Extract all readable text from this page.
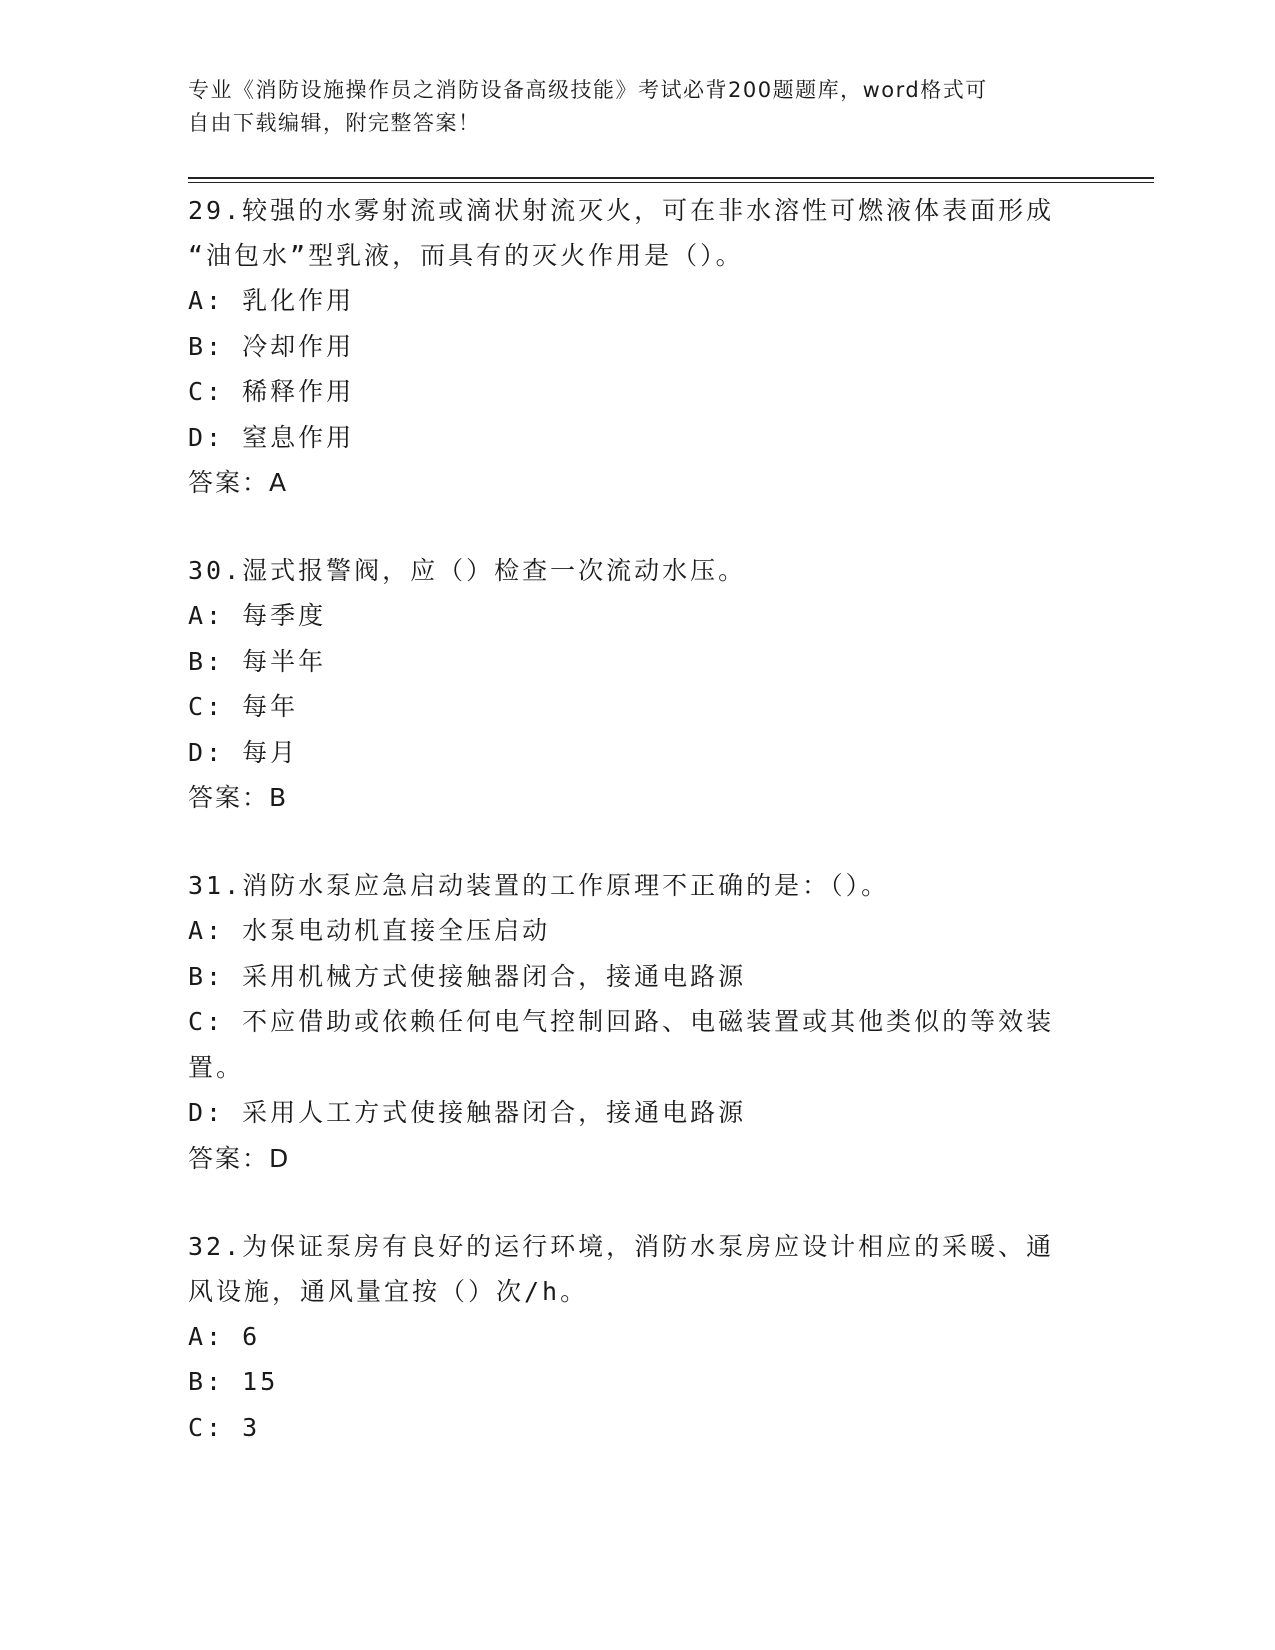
专业《消防设施操作员之消防设备高级技能》考试必背200题题库，word格式可
自由下载编辑，附完整答案！
29.较强的水雾射流或滴状射流灭火，可在非水溶性可燃液体表面形成
“油包水”型乳液，而具有的灭火作用是（）。
A: 乳化作用
B: 冷却作用
C: 稀释作用
D: 窒息作用
答案：A
30.湿式报警阀，应（）检查一次流动水压。
A: 每季度
B: 每半年
C: 每年
D: 每月
答案：B
31.消防水泵应急启动装置的工作原理不正确的是：（）。
A: 水泵电动机直接全压启动
B: 采用机械方式使接触器闭合，接通电路源
C: 不应借助或依赖任何电气控制回路、电磁装置或其他类似的等效装
置。
D: 采用人工方式使接触器闭合，接通电路源
答案：D
32.为保证泵房有良好的运行环境，消防水泵房应设计相应的采暖、通
风设施，通风量宜按（）次/h。
A: 6
B: 15
C: 3
